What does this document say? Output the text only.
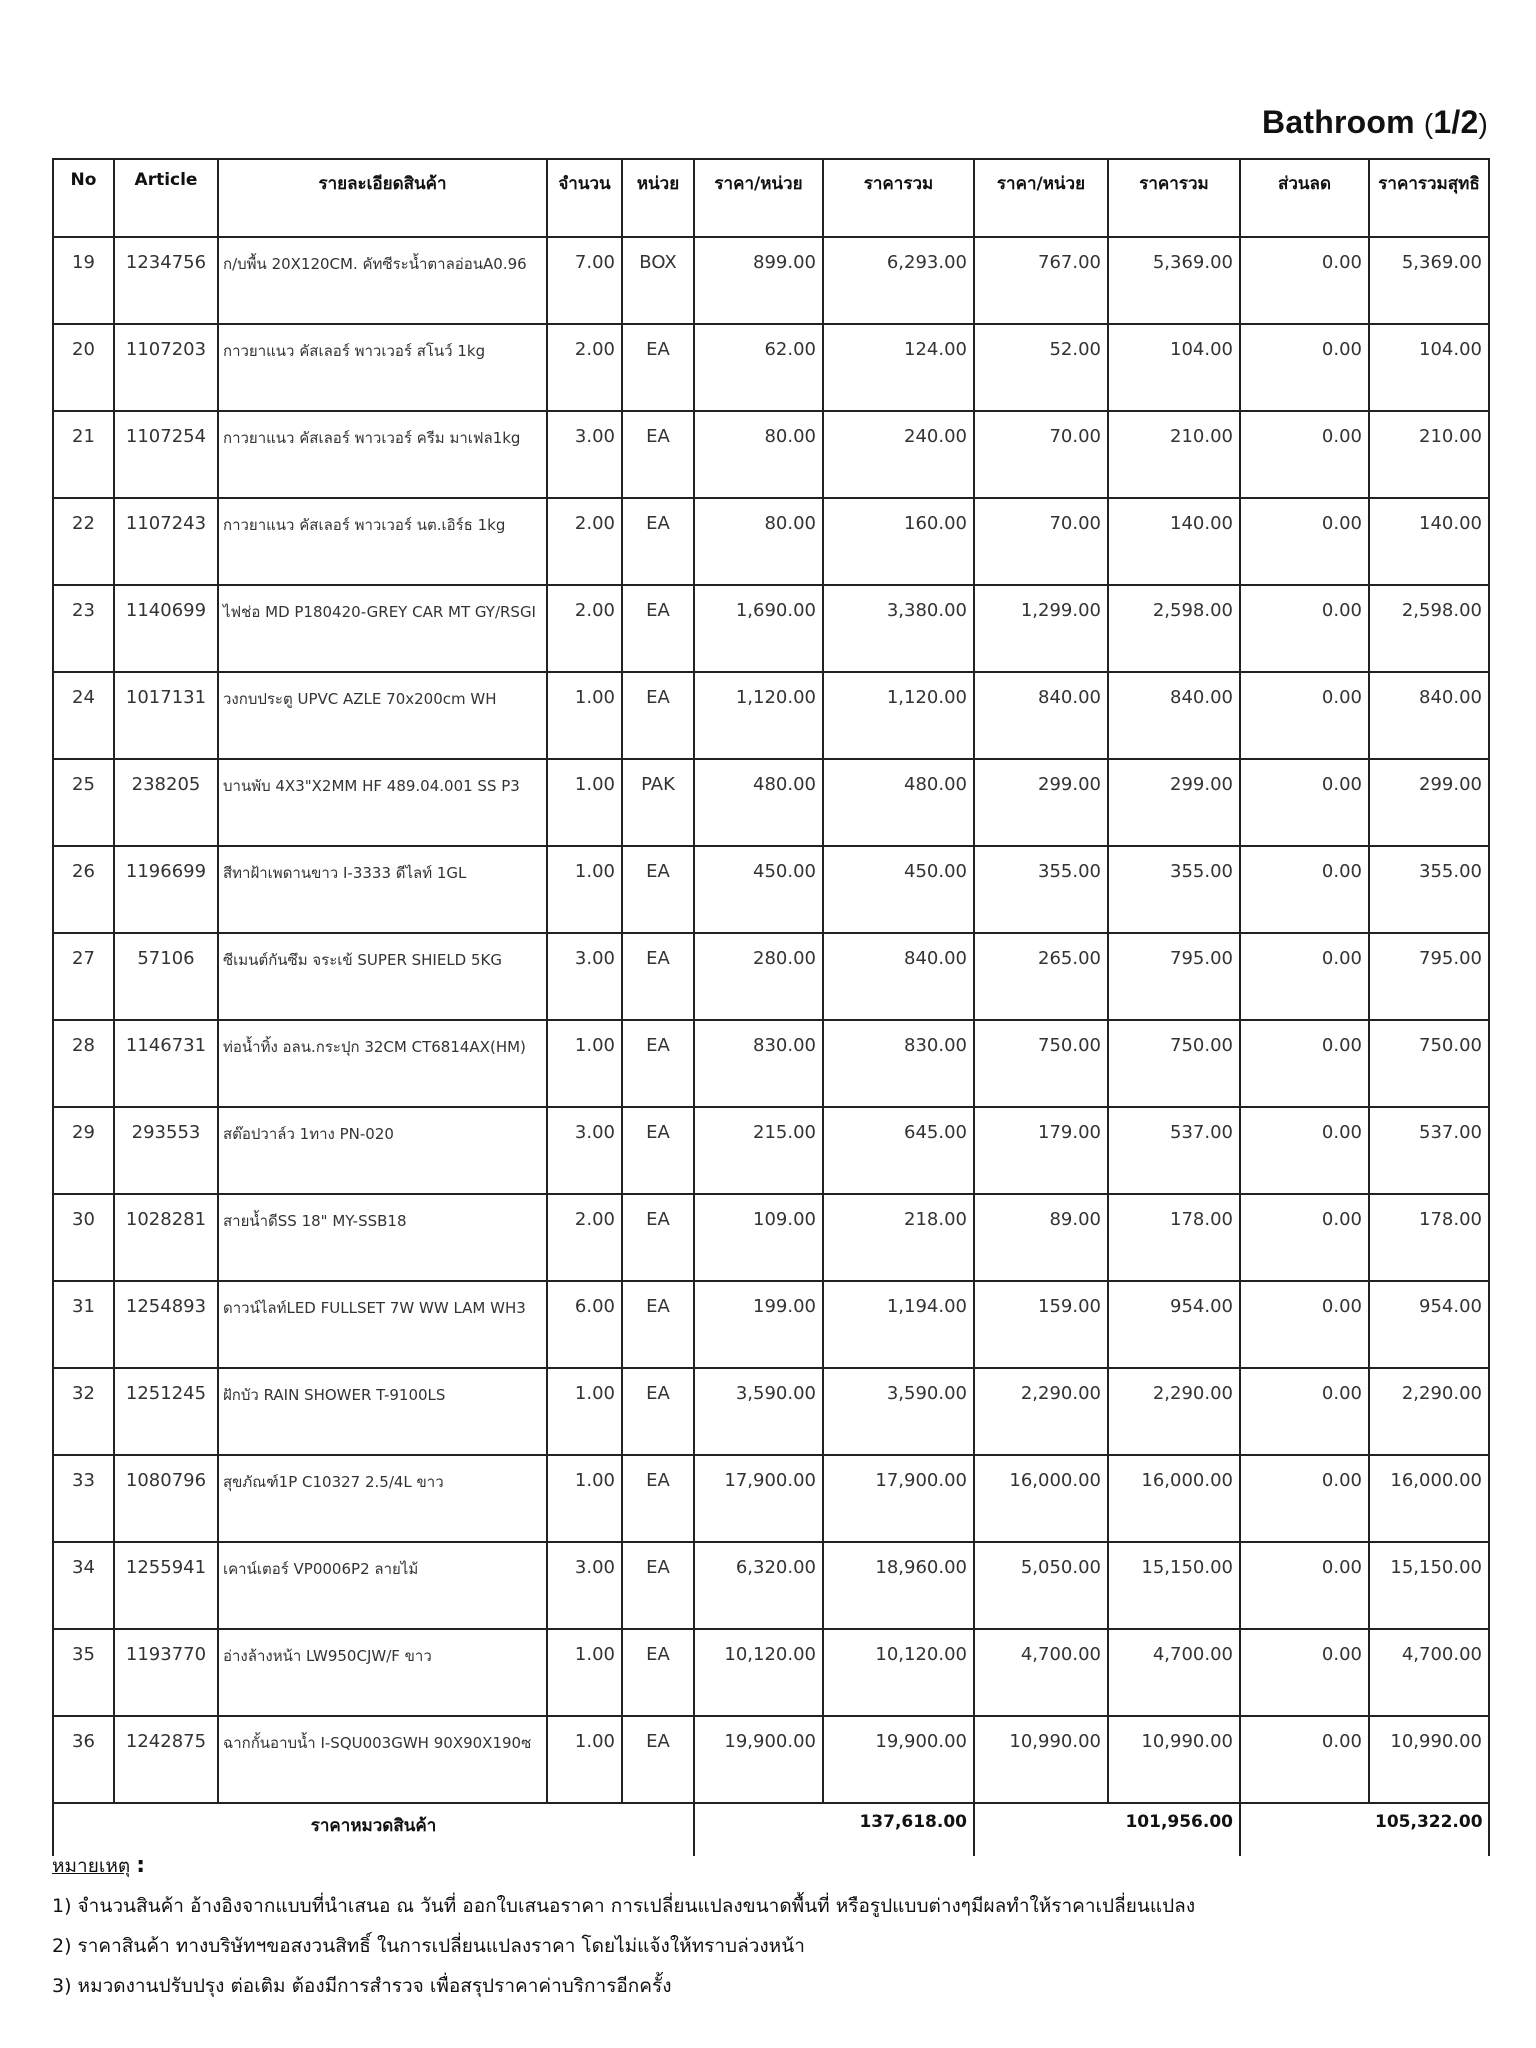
Bathroom (1/2)
No	Article	รายละเอียดสินค้า	จำนวน	หน่วย	ราคา/หน่วย	ราคารวม	ราคา/หน่วย	ราคารวม	ส่วนลด	ราคารวมสุทธิ
19	1234756	ก/บพื้น 20X120CM. คัทซีระน้ำตาลอ่อนA0.96	7.00	BOX	899.00	6,293.00	767.00	5,369.00	0.00	5,369.00
20	1107203	กาวยาแนว คัสเลอร์ พาวเวอร์ สโนว์ 1kg	2.00	EA	62.00	124.00	52.00	104.00	0.00	104.00
21	1107254	กาวยาแนว คัสเลอร์ พาวเวอร์ ครีม มาเฟล1kg	3.00	EA	80.00	240.00	70.00	210.00	0.00	210.00
22	1107243	กาวยาแนว คัสเลอร์ พาวเวอร์ นต.เอิร์ธ 1kg	2.00	EA	80.00	160.00	70.00	140.00	0.00	140.00
23	1140699	ไฟช่อ MD P180420-GREY CAR MT GY/RSGI	2.00	EA	1,690.00	3,380.00	1,299.00	2,598.00	0.00	2,598.00
24	1017131	วงกบประตู UPVC AZLE 70x200cm WH	1.00	EA	1,120.00	1,120.00	840.00	840.00	0.00	840.00
25	238205	บานพับ 4X3"X2MM HF 489.04.001 SS P3	1.00	PAK	480.00	480.00	299.00	299.00	0.00	299.00
26	1196699	สีทาฝ้าเพดานขาว I-3333 ดีไลท์ 1GL	1.00	EA	450.00	450.00	355.00	355.00	0.00	355.00
27	57106	ซีเมนต์กันซึม จระเข้ SUPER SHIELD 5KG	3.00	EA	280.00	840.00	265.00	795.00	0.00	795.00
28	1146731	ท่อน้ำทิ้ง อลน.กระปุก 32CM CT6814AX(HM)	1.00	EA	830.00	830.00	750.00	750.00	0.00	750.00
29	293553	สต๊อปวาล์ว 1ทาง PN-020	3.00	EA	215.00	645.00	179.00	537.00	0.00	537.00
30	1028281	สายน้ำดีSS 18" MY-SSB18	2.00	EA	109.00	218.00	89.00	178.00	0.00	178.00
31	1254893	ดาวน์ไลท์LED FULLSET 7W WW LAM WH3	6.00	EA	199.00	1,194.00	159.00	954.00	0.00	954.00
32	1251245	ฝักบัว RAIN SHOWER T-9100LS	1.00	EA	3,590.00	3,590.00	2,290.00	2,290.00	0.00	2,290.00
33	1080796	สุขภัณฑ์1P C10327 2.5/4L ขาว	1.00	EA	17,900.00	17,900.00	16,000.00	16,000.00	0.00	16,000.00
34	1255941	เคาน์เตอร์ VP0006P2 ลายไม้	3.00	EA	6,320.00	18,960.00	5,050.00	15,150.00	0.00	15,150.00
35	1193770	อ่างล้างหน้า LW950CJW/F ขาว	1.00	EA	10,120.00	10,120.00	4,700.00	4,700.00	0.00	4,700.00
36	1242875	ฉากกั้นอาบน้ำ I-SQU003GWH 90X90X190ซ	1.00	EA	19,900.00	19,900.00	10,990.00	10,990.00	0.00	10,990.00
ราคาหมวดสินค้า						137,618.00		101,956.00		105,322.00
หมายเหตุ :
1) จำนวนสินค้า อ้างอิงจากแบบที่นำเสนอ ณ วันที่ ออกใบเสนอราคา การเปลี่ยนแปลงขนาดพื้นที่ หรือรูปแบบต่างๆมีผลทำให้ราคาเปลี่ยนแปลง
2) ราคาสินค้า ทางบริษัทฯขอสงวนสิทธิ์ ในการเปลี่ยนแปลงราคา โดยไม่แจ้งให้ทราบล่วงหน้า
3) หมวดงานปรับปรุง ต่อเติม ต้องมีการสำรวจ เพื่อสรุปราคาค่าบริการอีกครั้ง
